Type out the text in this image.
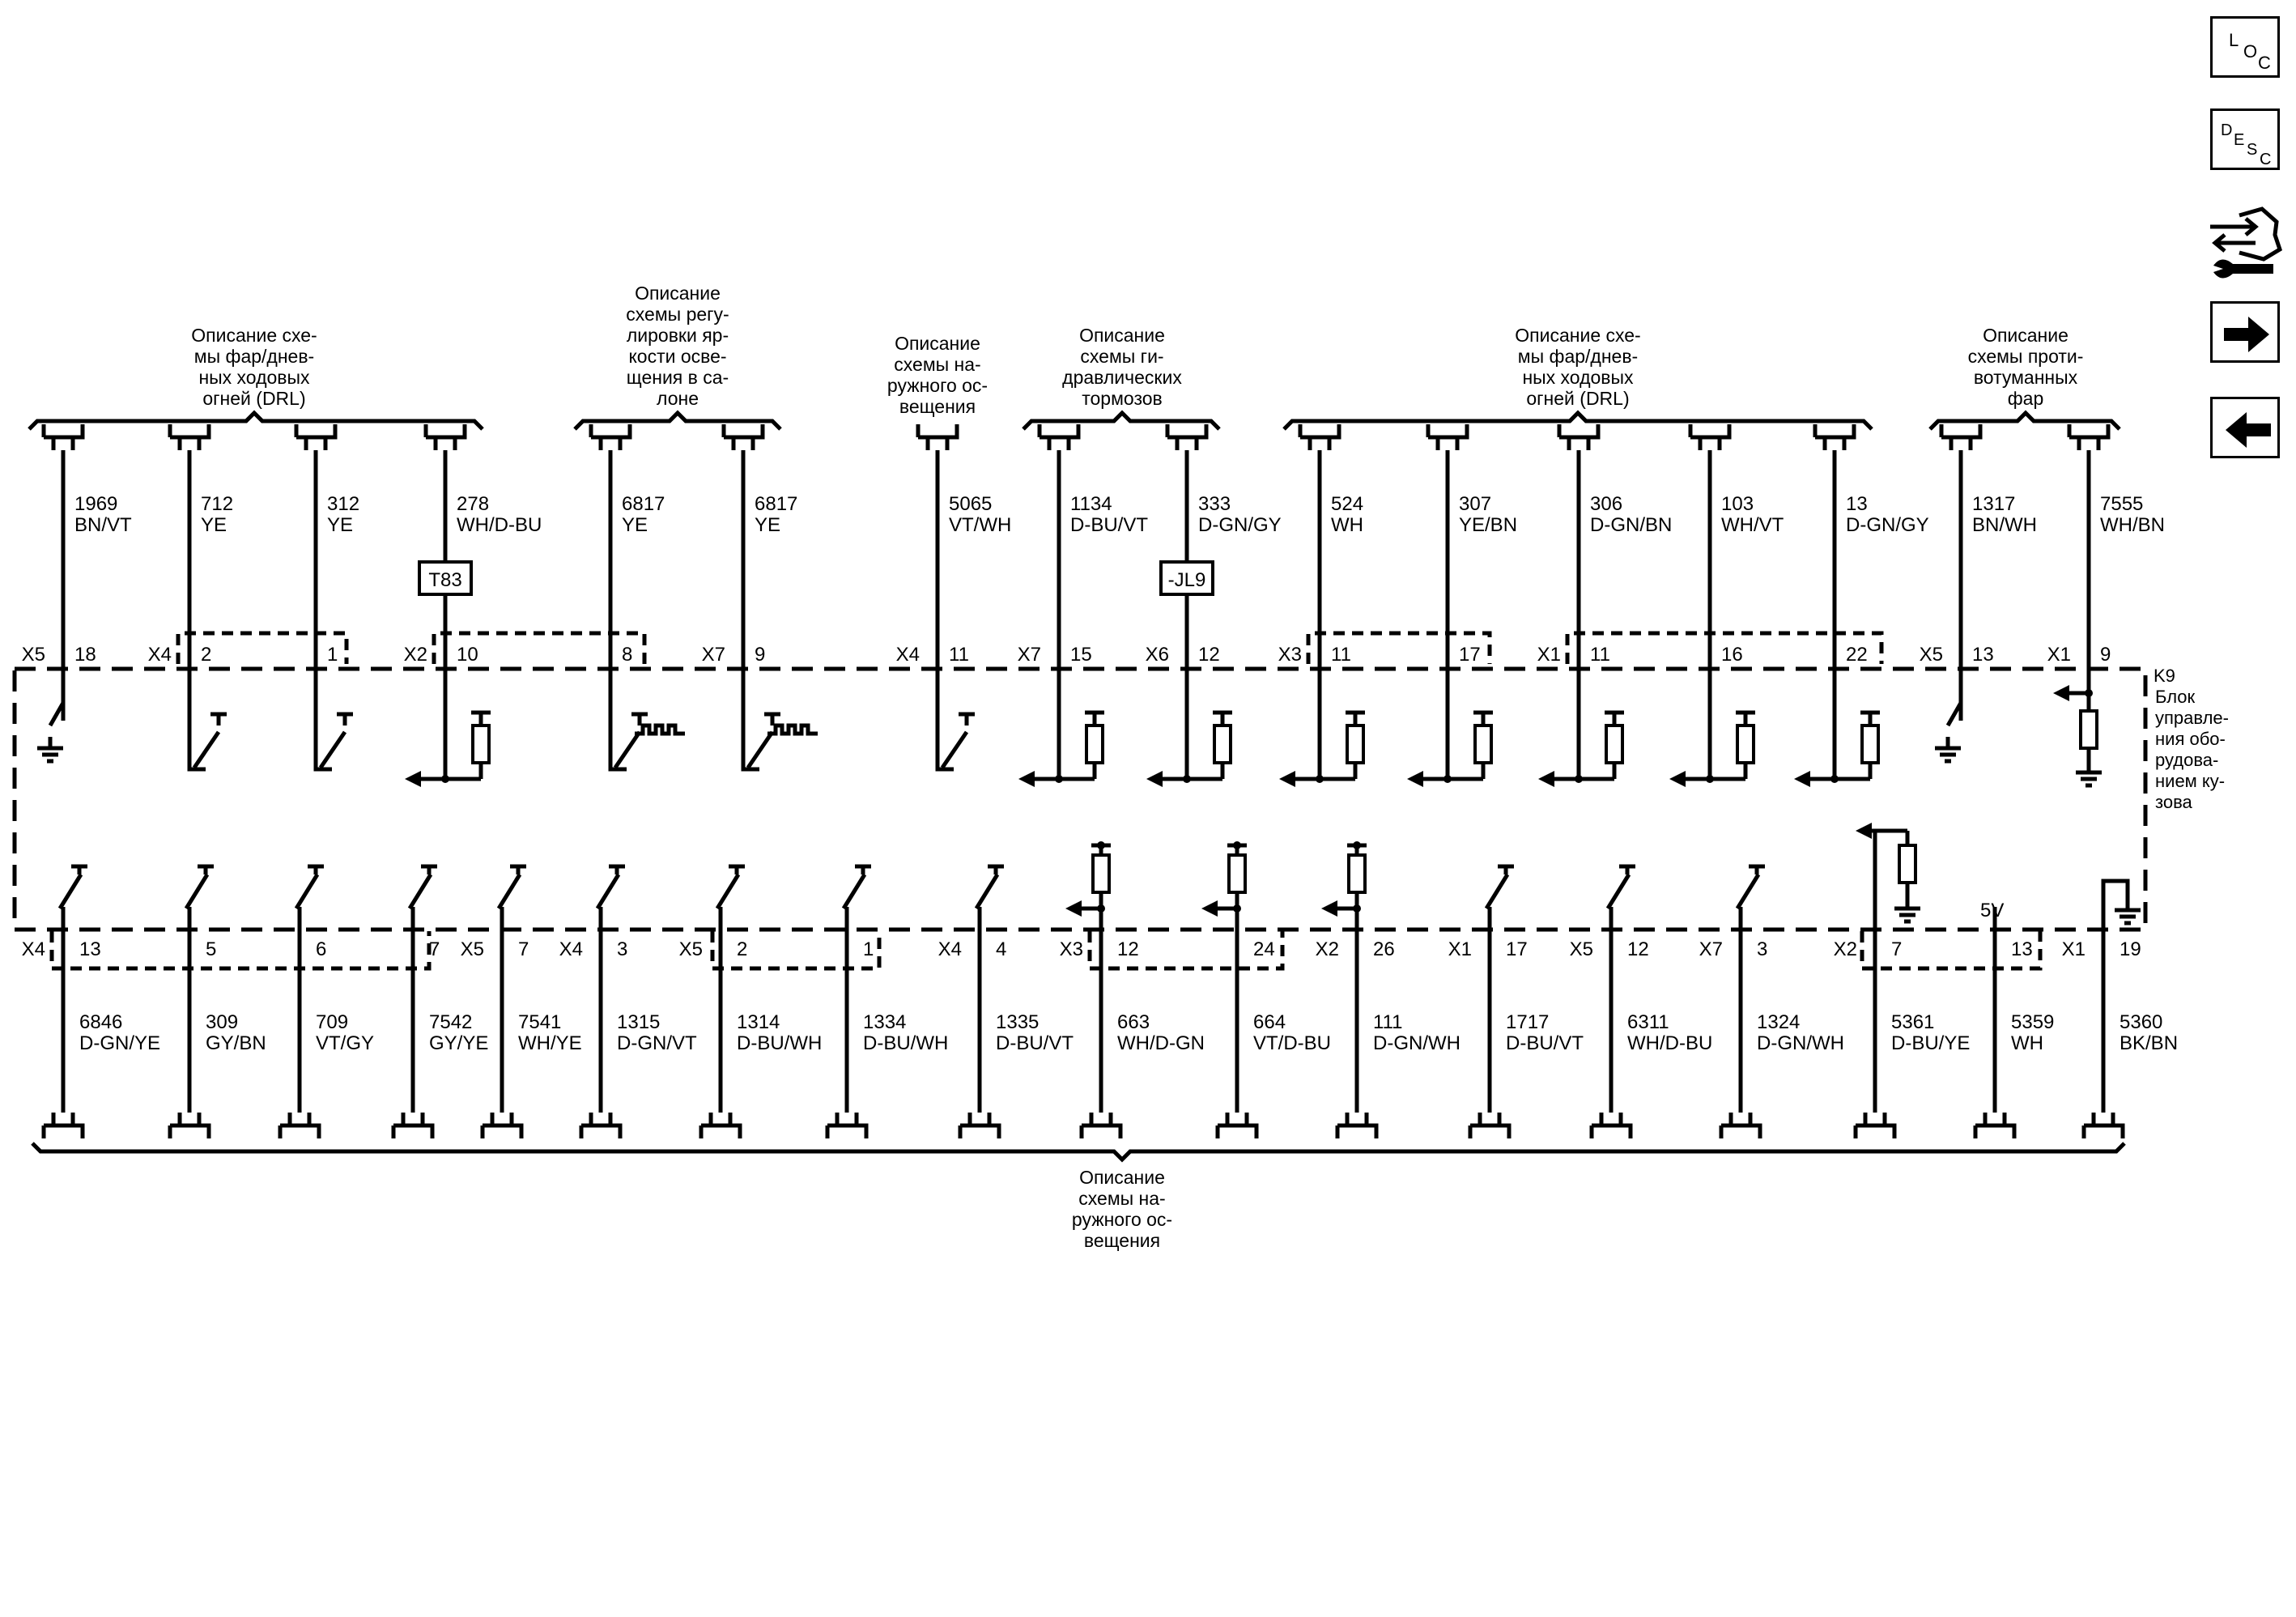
1969
BN/VT
X5 18
712
YE
X4 2
312
YE
1
T83
278
WH/D-BU
X2 10
6817
YE
8
6817
YE
X7 9
5065
VT/WH
X4 11
1134
D-BU/VT
X7 15
-JL9
333
D-GN/GY
X6 12
524
WH
X3 11
307
YE/BN
17
306
D-GN/BN
X1 11
103
WH/VT
16
13
D-GN/GY
22
1317
BN/WH
X5 13
7555
WH/BN
X1 9
6846
D-GN/YE
X4 13
309
GY/BN
5
709
VT/GY
6
7542
GY/YE
7
7541
WH/YE
X5 7
1315
D-GN/VT
X4 3
1314
D-BU/WH
X5 2
1334
D-BU/WH
1
1335
D-BU/VT
X4 4
663
WH/D-GN
X3 12
664
VT/D-BU
24
111
D-GN/WH
X2 26
1717
D-BU/VT
X1 17
6311
WH/D-BU
X5 12
1324
D-GN/WH
X7 3
5361
D-BU/YE
X2 7
5359
WH
13
5V
5360
BK/BN
X1 19
K9
Блок
управле-
ния обо-
рудова-
нием ку-
зова
Описание схе-
мы фар/днев-
ных ходовых
огней (DRL)
Описание
схемы регу-
лировки яр-
кости осве-
щения в са-
лоне
Описание
схемы на-
ружного ос-
вещения
Описание
схемы ги-
дравлических
тормозов
Описание схе-
мы фар/днев-
ных ходовых
огней (DRL)
Описание
схемы проти-
вотуманных
фар
Описание
схемы на-
ружного ос-
вещения
L
O
C
D
E
S
C
